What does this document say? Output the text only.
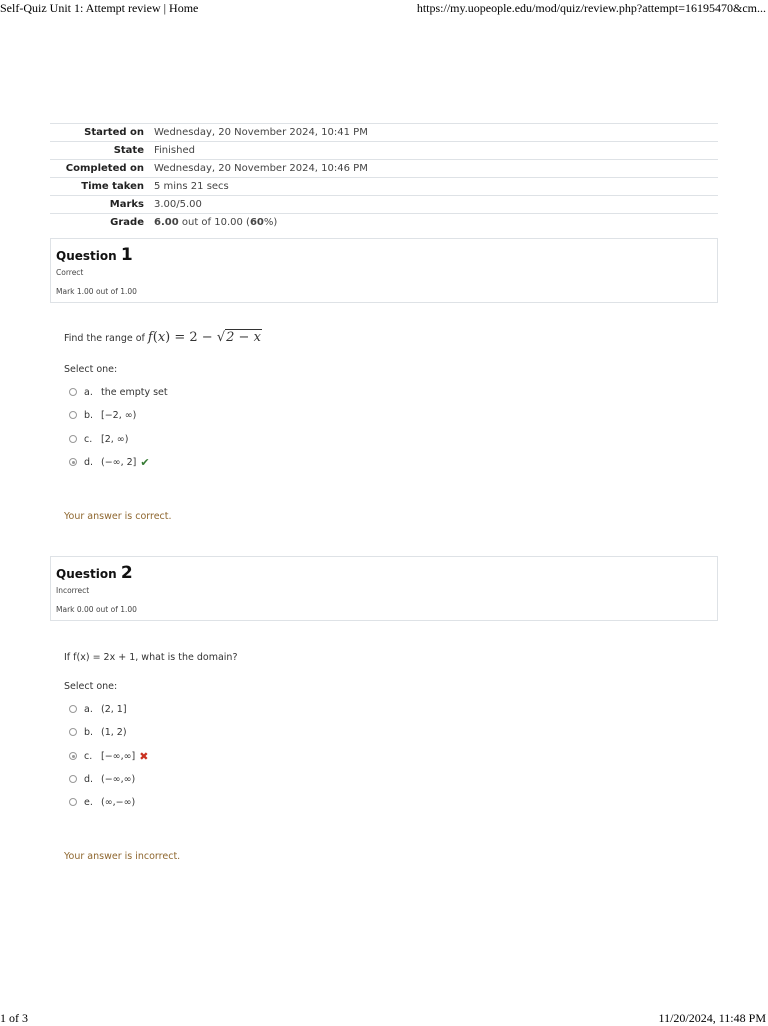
Self-Quiz Unit 1: Attempt review | Home	https://my.uopeople.edu/mod/quiz/review.php?attempt=16195470&cm...
Started on	Wednesday, 20 November 2024, 10:41 PM
State	Finished
Completed on	Wednesday, 20 November 2024, 10:46 PM
Time taken	5 mins 21 secs
Marks	3.00/5.00
Grade	6.00 out of 10.00 (60%)
Question 1
Correct
Mark 1.00 out of 1.00
Find the range of f(x) = 2 − √2 − x
Select one:
a. the empty set
b. [−2, ∞)
c. [2, ∞)
d. (−∞, 2] ✔
Your answer is correct.
Question 2
Incorrect
Mark 0.00 out of 1.00
If f(x) = 2x + 1, what is the domain?
Select one:
a. (2, 1]
b. (1, 2)
c. [−∞,∞] ✖
d. (−∞,∞)
e. (∞,−∞)
Your answer is incorrect.
1 of 3	11/20/2024, 11:48 PM
